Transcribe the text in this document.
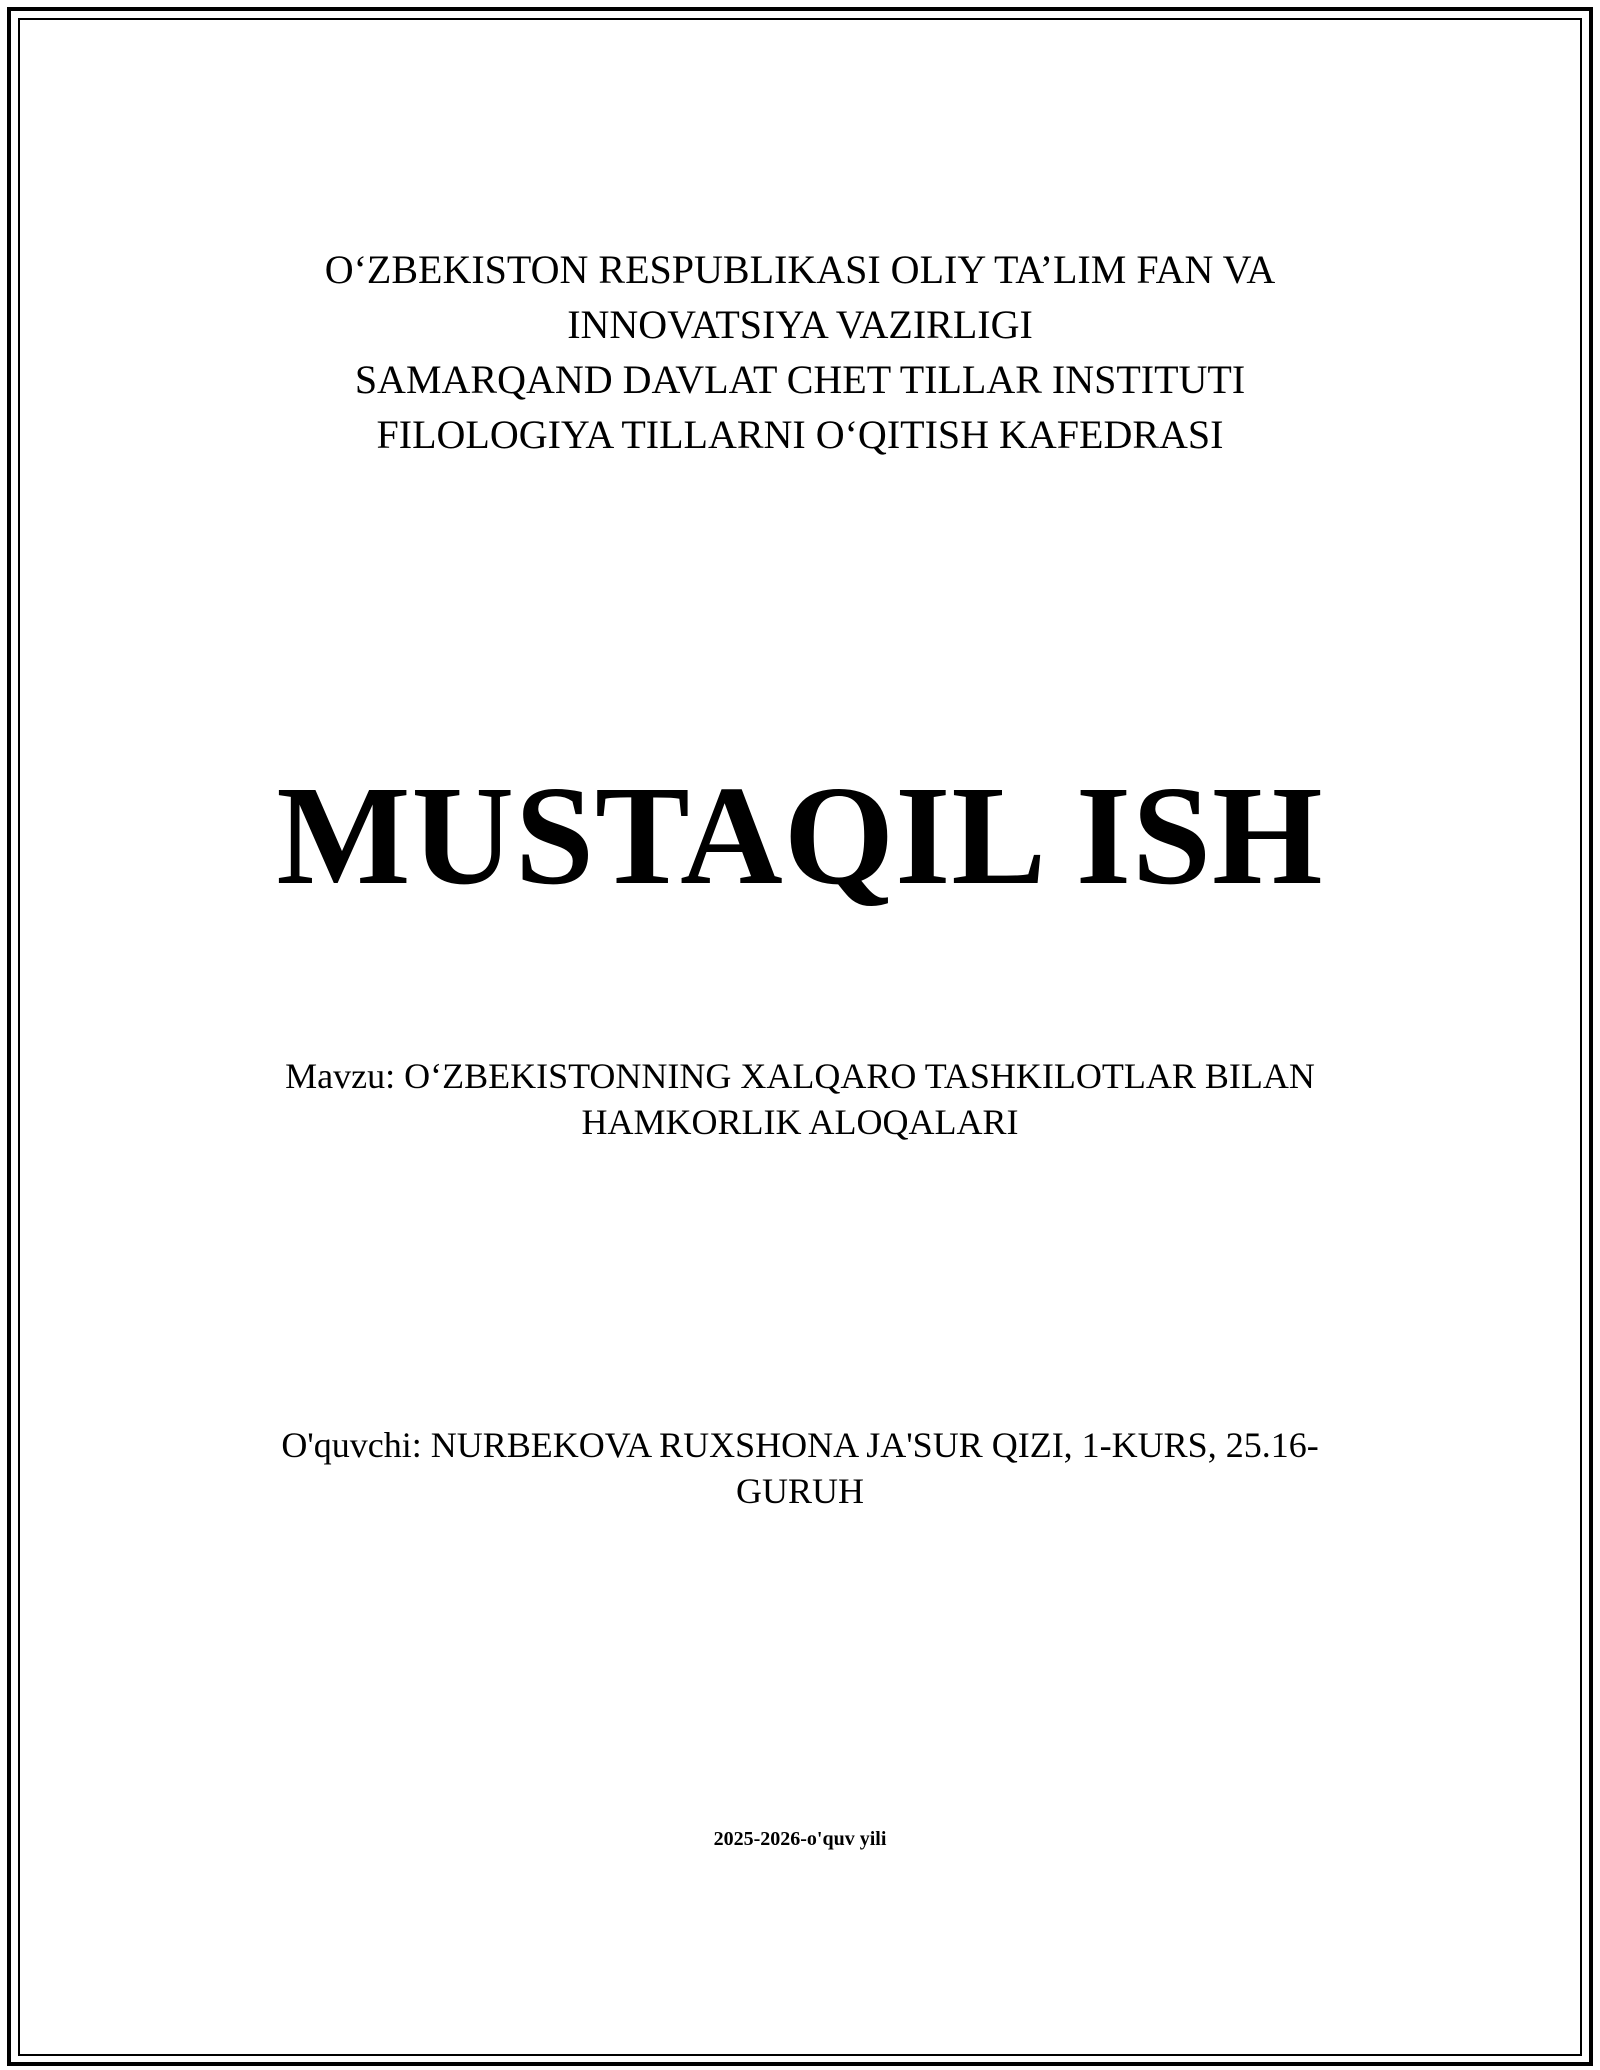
O‘ZBEKISTON RESPUBLIKASI OLIY TA’LIM FAN VA
INNOVATSIYA VAZIRLIGI
SAMARQAND DAVLAT CHET TILLAR INSTITUTI
FILOLOGIYA TILLARNI O‘QITISH KAFEDRASI
MUSTAQIL ISH
Mavzu: O‘ZBEKISTONNING XALQARO TASHKILOTLAR BILAN
HAMKORLIK ALOQALARI
O'quvchi: NURBEKOVA RUXSHONA JA'SUR QIZI, 1-KURS, 25.16-
GURUH
2025-2026-o'quv yili
